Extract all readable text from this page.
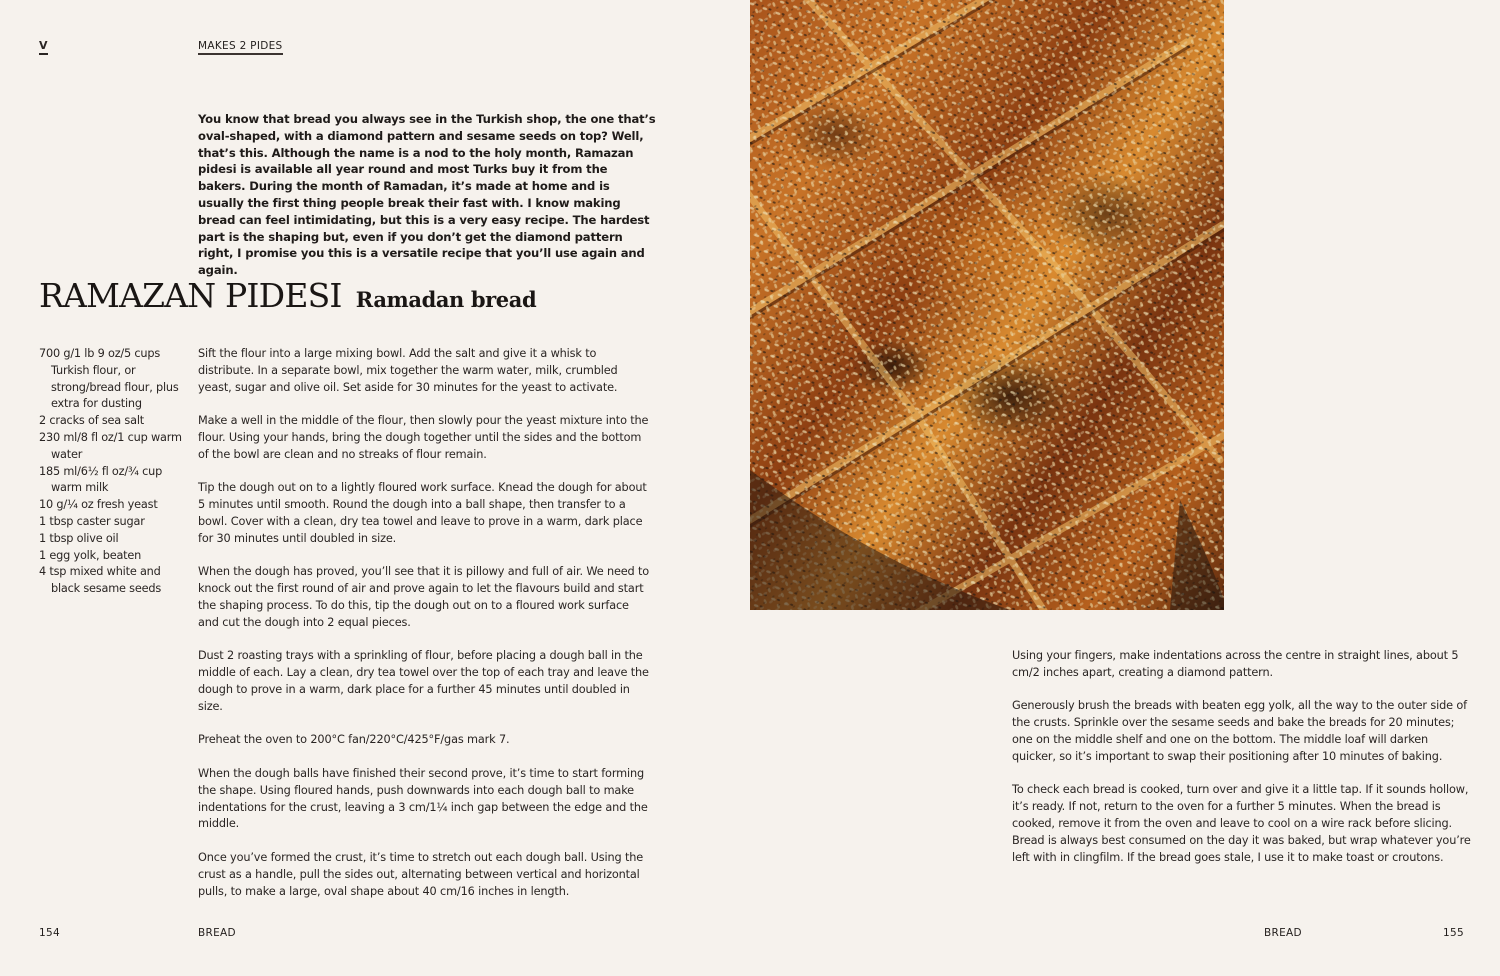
V	MAKES 2 PIDES

You know that bread you always see in the Turkish shop, the one that’s oval-shaped, with a diamond pattern and sesame seeds on top? Well, that’s this. Although the name is a nod to the holy month, Ramazan pidesi is available all year round and most Turks buy it from the bakers. During the month of Ramadan, it’s made at home and is usually the first thing people break their fast with. I know making bread can feel intimidating, but this is a very easy recipe. The hardest part is the shaping but, even if you don’t get the diamond pattern right, I promise you this is a versatile recipe that you’ll use again and again.

RAMAZAN PIDESI Ramadan bread
700 g/1 lb 9 oz/5 cups Turkish flour, or strong/bread flour, plus extra for dusting
2 cracks of sea salt
230 ml/8 fl oz/1 cup warm water
185 ml/6½ fl oz/¾ cup warm milk
10 g/¼ oz fresh yeast
1 tbsp caster sugar
1 tbsp olive oil
1 egg yolk, beaten
4 tsp mixed white and black sesame seeds

Sift the flour into a large mixing bowl. Add the salt and give it a whisk to distribute. In a separate bowl, mix together the warm water, milk, crumbled yeast, sugar and olive oil. Set aside for 30 minutes for the yeast to activate.

Make a well in the middle of the flour, then slowly pour the yeast mixture into the flour. Using your hands, bring the dough together until the sides and the bottom of the bowl are clean and no streaks of flour remain.

Tip the dough out on to a lightly floured work surface. Knead the dough for about 5 minutes until smooth. Round the dough into a ball shape, then transfer to a bowl. Cover with a clean, dry tea towel and leave to prove in a warm, dark place for 30 minutes until doubled in size.

When the dough has proved, you’ll see that it is pillowy and full of air. We need to knock out the first round of air and prove again to let the flavours build and start the shaping process. To do this, tip the dough out on to a floured work surface and cut the dough into 2 equal pieces.

Dust 2 roasting trays with a sprinkling of flour, before placing a dough ball in the middle of each. Lay a clean, dry tea towel over the top of each tray and leave the dough to prove in a warm, dark place for a further 45 minutes until doubled in size.

Preheat the oven to 200°C fan/220°C/425°F/gas mark 7.

When the dough balls have finished their second prove, it’s time to start forming the shape. Using floured hands, push downwards into each dough ball to make indentations for the crust, leaving a 3 cm/1¼ inch gap between the edge and the middle.

Once you’ve formed the crust, it’s time to stretch out each dough ball. Using the crust as a handle, pull the sides out, alternating between vertical and horizontal pulls, to make a large, oval shape about 40 cm/16 inches in length.

154	BREAD

Using your fingers, make indentations across the centre in straight lines, about 5 cm/2 inches apart, creating a diamond pattern.

Generously brush the breads with beaten egg yolk, all the way to the outer side of the crusts. Sprinkle over the sesame seeds and bake the breads for 20 minutes; one on the middle shelf and one on the bottom. The middle loaf will darken quicker, so it’s important to swap their positioning after 10 minutes of baking.

To check each bread is cooked, turn over and give it a little tap. If it sounds hollow, it’s ready. If not, return to the oven for a further 5 minutes. When the bread is cooked, remove it from the oven and leave to cool on a wire rack before slicing. Bread is always best consumed on the day it was baked, but wrap whatever you’re left with in clingfilm. If the bread goes stale, I use it to make toast or croutons.

BREAD	155
